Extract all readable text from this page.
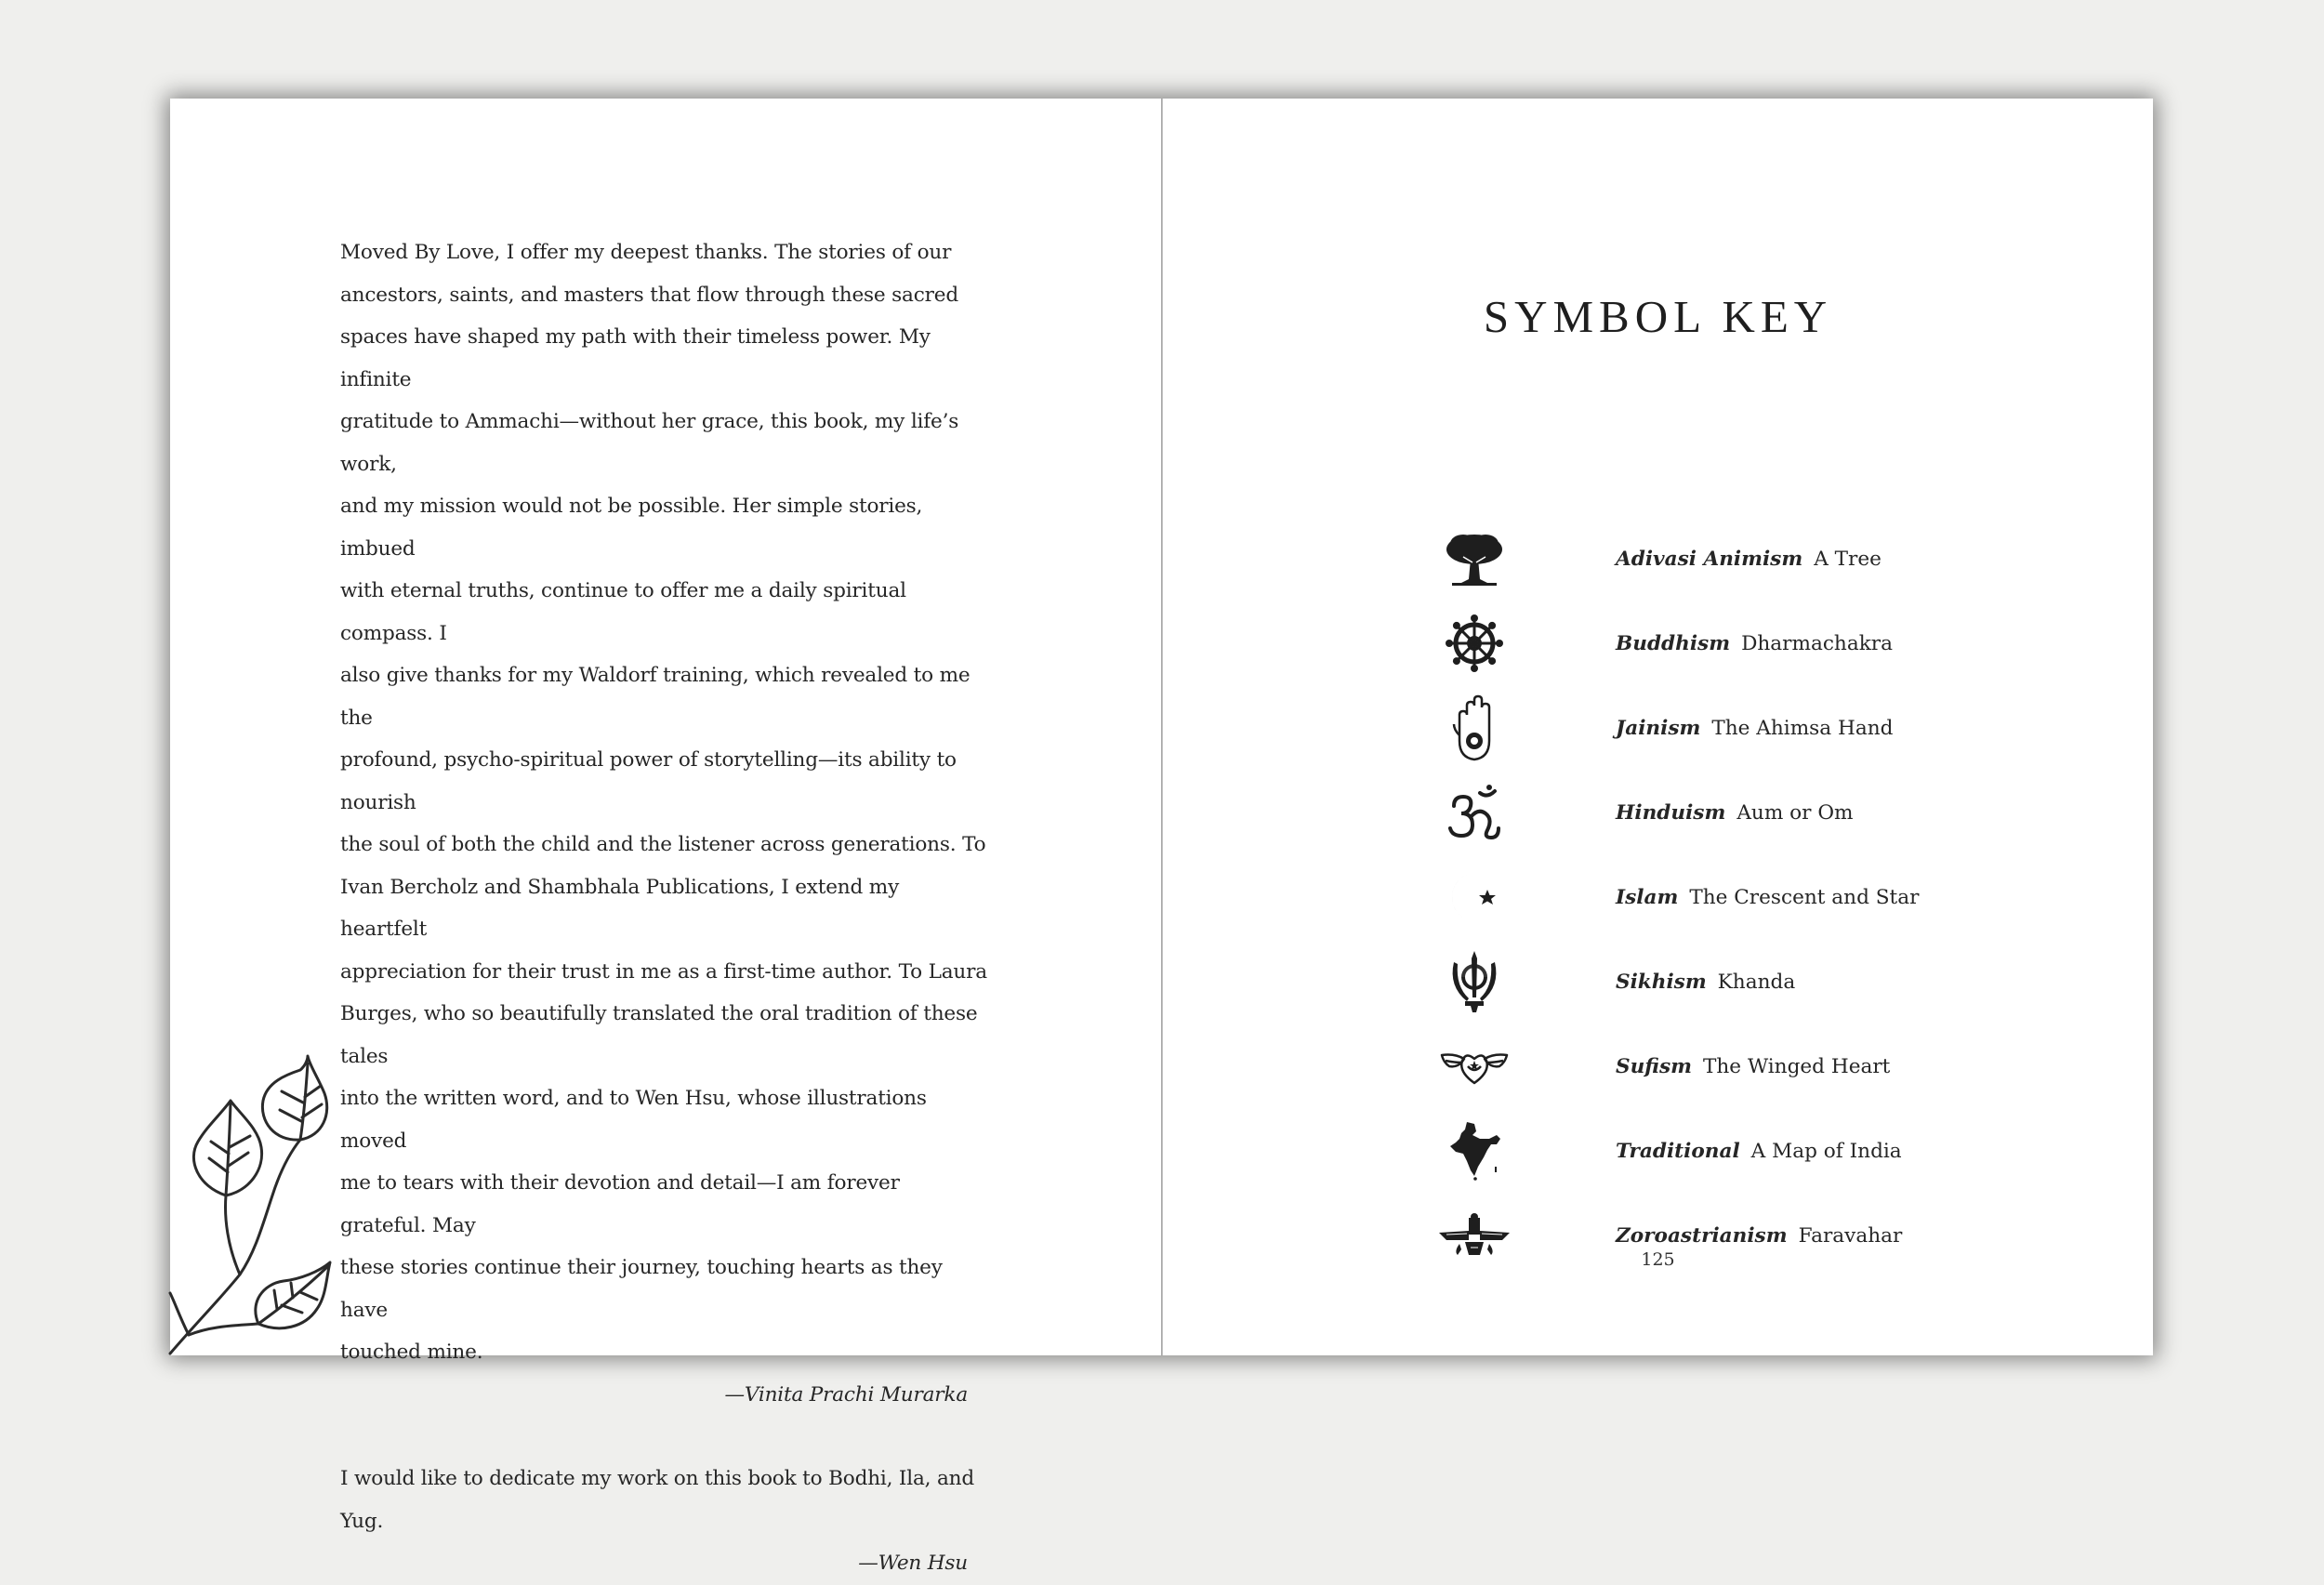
Moved By Love, I offer my deepest thanks. The stories of our

ancestors, saints, and masters that flow through these sacred

spaces have shaped my path with their timeless power. My infinite

gratitude to Ammachi—without her grace, this book, my life’s work,

and my mission would not be possible. Her simple stories, imbued

with eternal truths, continue to offer me a daily spiritual compass. I

also give thanks for my Waldorf training, which revealed to me the

profound, psycho-spiritual power of storytelling—its ability to nourish

the soul of both the child and the listener across generations. To

Ivan Bercholz and Shambhala Publications, I extend my heartfelt

appreciation for their trust in me as a first-time author. To Laura

Burges, who so beautifully translated the oral tradition of these tales

into the written word, and to Wen Hsu, whose illustrations moved

me to tears with their devotion and detail—I am forever grateful. May

these stories continue their journey, touching hearts as they have

touched mine.

—Vinita Prachi Murarka

I would like to dedicate my work on this book to Bodhi, Ila, and Yug.

—Wen Hsu

SYMBOL KEY
Adivasi Animism A Tree
Buddhism Dharmachakra
Jainism The Ahimsa Hand
Hinduism Aum or Om
Islam The Crescent and Star
Sikhism Khanda
Sufism The Winged Heart
Traditional A Map of India
Zoroastrianism Faravahar
125
